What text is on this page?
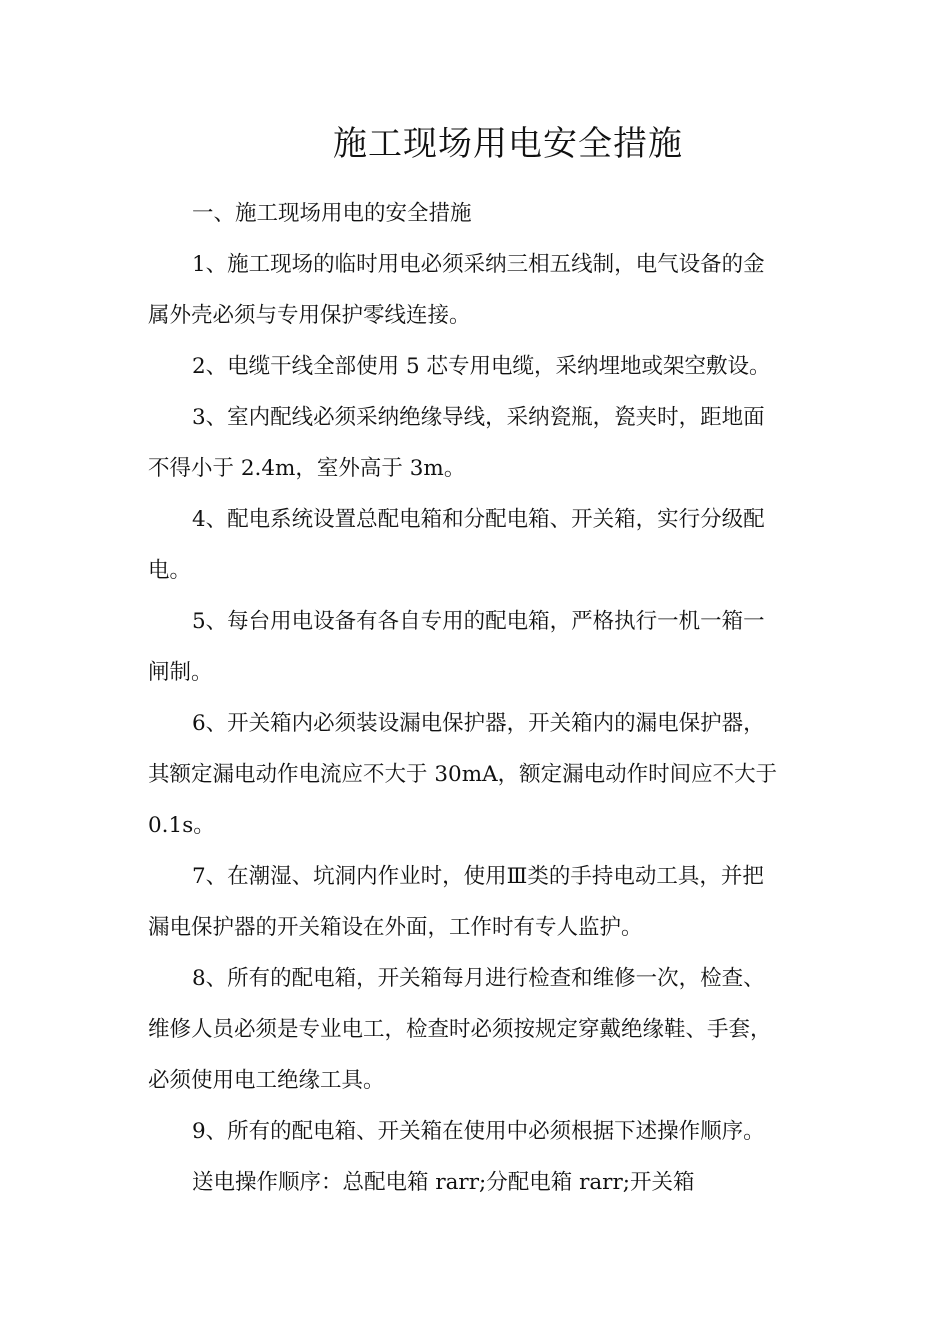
施工现场用电安全措施
一、施工现场用电的安全措施
1、施工现场的临时用电必须采纳三相五线制，电气设备的金
属外壳必须与专用保护零线连接。
2、电缆干线全部使用 5 芯专用电缆，采纳埋地或架空敷设。
3、室内配线必须采纳绝缘导线，采纳瓷瓶，瓷夹时，距地面
不得小于 2.4m，室外高于 3m。
4、配电系统设置总配电箱和分配电箱、开关箱，实行分级配
电。
5、每台用电设备有各自专用的配电箱，严格执行一机一箱一
闸制。
6、开关箱内必须装设漏电保护器，开关箱内的漏电保护器，
其额定漏电动作电流应不大于 30mA，额定漏电动作时间应不大于
0.1s。
7、在潮湿、坑洞内作业时，使用Ⅲ类的手持电动工具，并把
漏电保护器的开关箱设在外面，工作时有专人监护。
8、所有的配电箱，开关箱每月进行检查和维修一次，检查、
维修人员必须是专业电工，检查时必须按规定穿戴绝缘鞋、手套，
必须使用电工绝缘工具。
9、所有的配电箱、开关箱在使用中必须根据下述操作顺序。
送电操作顺序：总配电箱 rarr;分配电箱 rarr;开关箱
